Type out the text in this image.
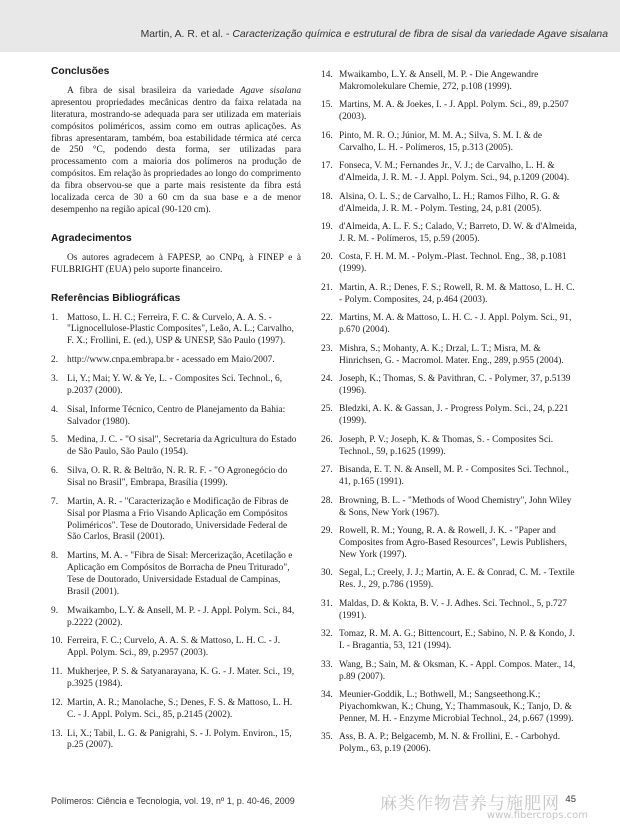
Martin, A. R. et al. - Caracterização química e estrutural de fibra de sisal da variedade Agave sisalana
Conclusões

A fibra de sisal brasileira da variedade Agave sisalana apresentou propriedades mecânicas dentro da faixa relatada na literatura, mostrando-se adequada para ser utilizada em materiais compósitos poliméricos, assim como em outras aplicações. As fibras apresentaram, também, boa estabilidade térmica até cerca de 250 °C, podendo desta forma, ser utilizadas para processamento com a maioria dos polímeros na produção de compósitos. Em relação às propriedades ao longo do comprimento da fibra observou-se que a parte mais resistente da fibra está localizada cerca de 30 a 60 cm da sua base e a de menor desempenho na região apical (90-120 cm).

Agradecimentos

Os autores agradecem à FAPESP, ao CNPq, à FINEP e à FULBRIGHT (EUA) pelo suporte financeiro.

Referências Bibliográficas
1. Mattoso, L. H. C.; Ferreira, F. C. & Curvelo, A. A. S. - "Lignocellulose-Plastic Composites", Leão, A. L.; Carvalho, F. X.; Frollini, E. (ed.), USP & UNESP, São Paulo (1997).
2. http://www.cnpa.embrapa.br - acessado em Maio/2007.
3. Li, Y.; Mai; Y. W. & Ye, L. - Composites Sci. Technol., 6, p.2037 (2000).
4. Sisal, Informe Técnico, Centro de Planejamento da Bahia: Salvador (1980).
5. Medina, J. C. - "O sisal", Secretaria da Agricultura do Estado de São Paulo, São Paulo (1954).
6. Silva, O. R. R. & Beltrão, N. R. R. F. - "O Agronegócio do Sisal no Brasil", Embrapa, Brasília (1999).
7. Martin, A. R. - "Caracterização e Modificação de Fibras de Sisal por Plasma a Frio Visando Aplicação em Compósitos Poliméricos". Tese de Doutorado, Universidade Federal de São Carlos, Brasil (2001).
8. Martins, M. A. - "Fibra de Sisal: Mercerização, Acetilação e Aplicação em Compósitos de Borracha de Pneu Triturado", Tese de Doutorado, Universidade Estadual de Campinas, Brasil (2001).
9. Mwaikambo, L.Y. & Ansell, M. P. - J. Appl. Polym. Sci., 84, p.2222 (2002).
10. Ferreira, F. C.; Curvelo, A. A. S. & Mattoso, L. H. C. - J. Appl. Polym. Sci., 89, p.2957 (2003).
11. Mukherjee, P. S. & Satyanarayana, K. G. - J. Mater. Sci., 19, p.3925 (1984).
12. Martin, A. R.; Manolache, S.; Denes, F. S. & Mattoso, L. H. C. - J. Appl. Polym. Sci., 85, p.2145 (2002).
13. Li, X.; Tabil, L. G. & Panigrahi, S. - J. Polym. Environ., 15, p.25 (2007).
14. Mwaikambo, L.Y. & Ansell, M. P. - Die Angewandre Makromolekulare Chemie, 272, p.108 (1999).
15. Martins, M. A. & Joekes, I. - J. Appl. Polym. Sci., 89, p.2507 (2003).
16. Pinto, M. R. O.; Júnior, M. M. A.; Silva, S. M. I. & de Carvalho, L. H. - Polímeros, 15, p.313 (2005).
17. Fonseca, V. M.; Fernandes Jr., V. J.; de Carvalho, L. H. & d'Almeida, J. R. M. - J. Appl. Polym. Sci., 94, p.1209 (2004).
18. Alsina, O. L. S.; de Carvalho, L. H.; Ramos Filho, R. G. & d'Almeida, J. R. M. - Polym. Testing, 24, p.81 (2005).
19. d'Almeida, A. L. F. S.; Calado, V.; Barreto, D. W. & d'Almeida, J. R. M. - Polímeros, 15, p.59 (2005).
20. Costa, F. H. M. M. - Polym.-Plast. Technol. Eng., 38, p.1081 (1999).
21. Martin, A. R.; Denes, F. S.; Rowell, R. M. & Mattoso, L. H. C. - Polym. Composites, 24, p.464 (2003).
22. Martins, M. A. & Mattoso, L. H. C. - J. Appl. Polym. Sci., 91, p.670 (2004).
23. Mishra, S.; Mohanty, A. K.; Drzal, L. T.; Misra, M. & Hinrichsen, G. - Macromol. Mater. Eng., 289, p.955 (2004).
24. Joseph, K.; Thomas, S. & Pavithran, C. - Polymer, 37, p.5139 (1996).
25. Bledzki, A. K. & Gassan, J. - Progress Polym. Sci., 24, p.221 (1999).
26. Joseph, P. V.; Joseph, K. & Thomas, S. - Composites Sci. Technol., 59, p.1625 (1999).
27. Bisanda, E. T. N. & Ansell, M. P. - Composites Sci. Technol., 41, p.165 (1991).
28. Browning, B. L. - "Methods of Wood Chemistry", John Wiley & Sons, New York (1967).
29. Rowell, R. M.; Young, R. A. & Rowell, J. K. - "Paper and Composites from Agro-Based Resources", Lewis Publishers, New York (1997).
30. Segal, L.; Creely, J. J.; Martin, A. E. & Conrad, C. M. - Textile Res. J., 29, p.786 (1959).
31. Maldas, D. & Kokta, B. V. - J. Adhes. Sci. Technol., 5, p.727 (1991).
32. Tomaz, R. M. A. G.; Bittencourt, E.; Sabino, N. P. & Kondo, J. I. - Bragantia, 53, 121 (1994).
33. Wang, B.; Sain, M. & Oksman, K. - Appl. Compos. Mater., 14, p.89 (2007).
34. Meunier-Goddik, L.; Bothwell, M.; Sangseethong.K.; Piyachomkwan, K.; Chung, Y.; Thammasouk, K.; Tanjo, D. & Penner, M. H. - Enzyme Microbial Technol., 24, p.667 (1999).
35. Ass, B. A. P.; Belgacemb, M. N. & Frollini, E. - Carbohyd. Polym., 63, p.19 (2006).
Polímeros: Ciência e Tecnologia, vol. 19, nº 1, p. 40-46, 2009	麻类作物营养与施肥网 45
www.fibercrops.com
